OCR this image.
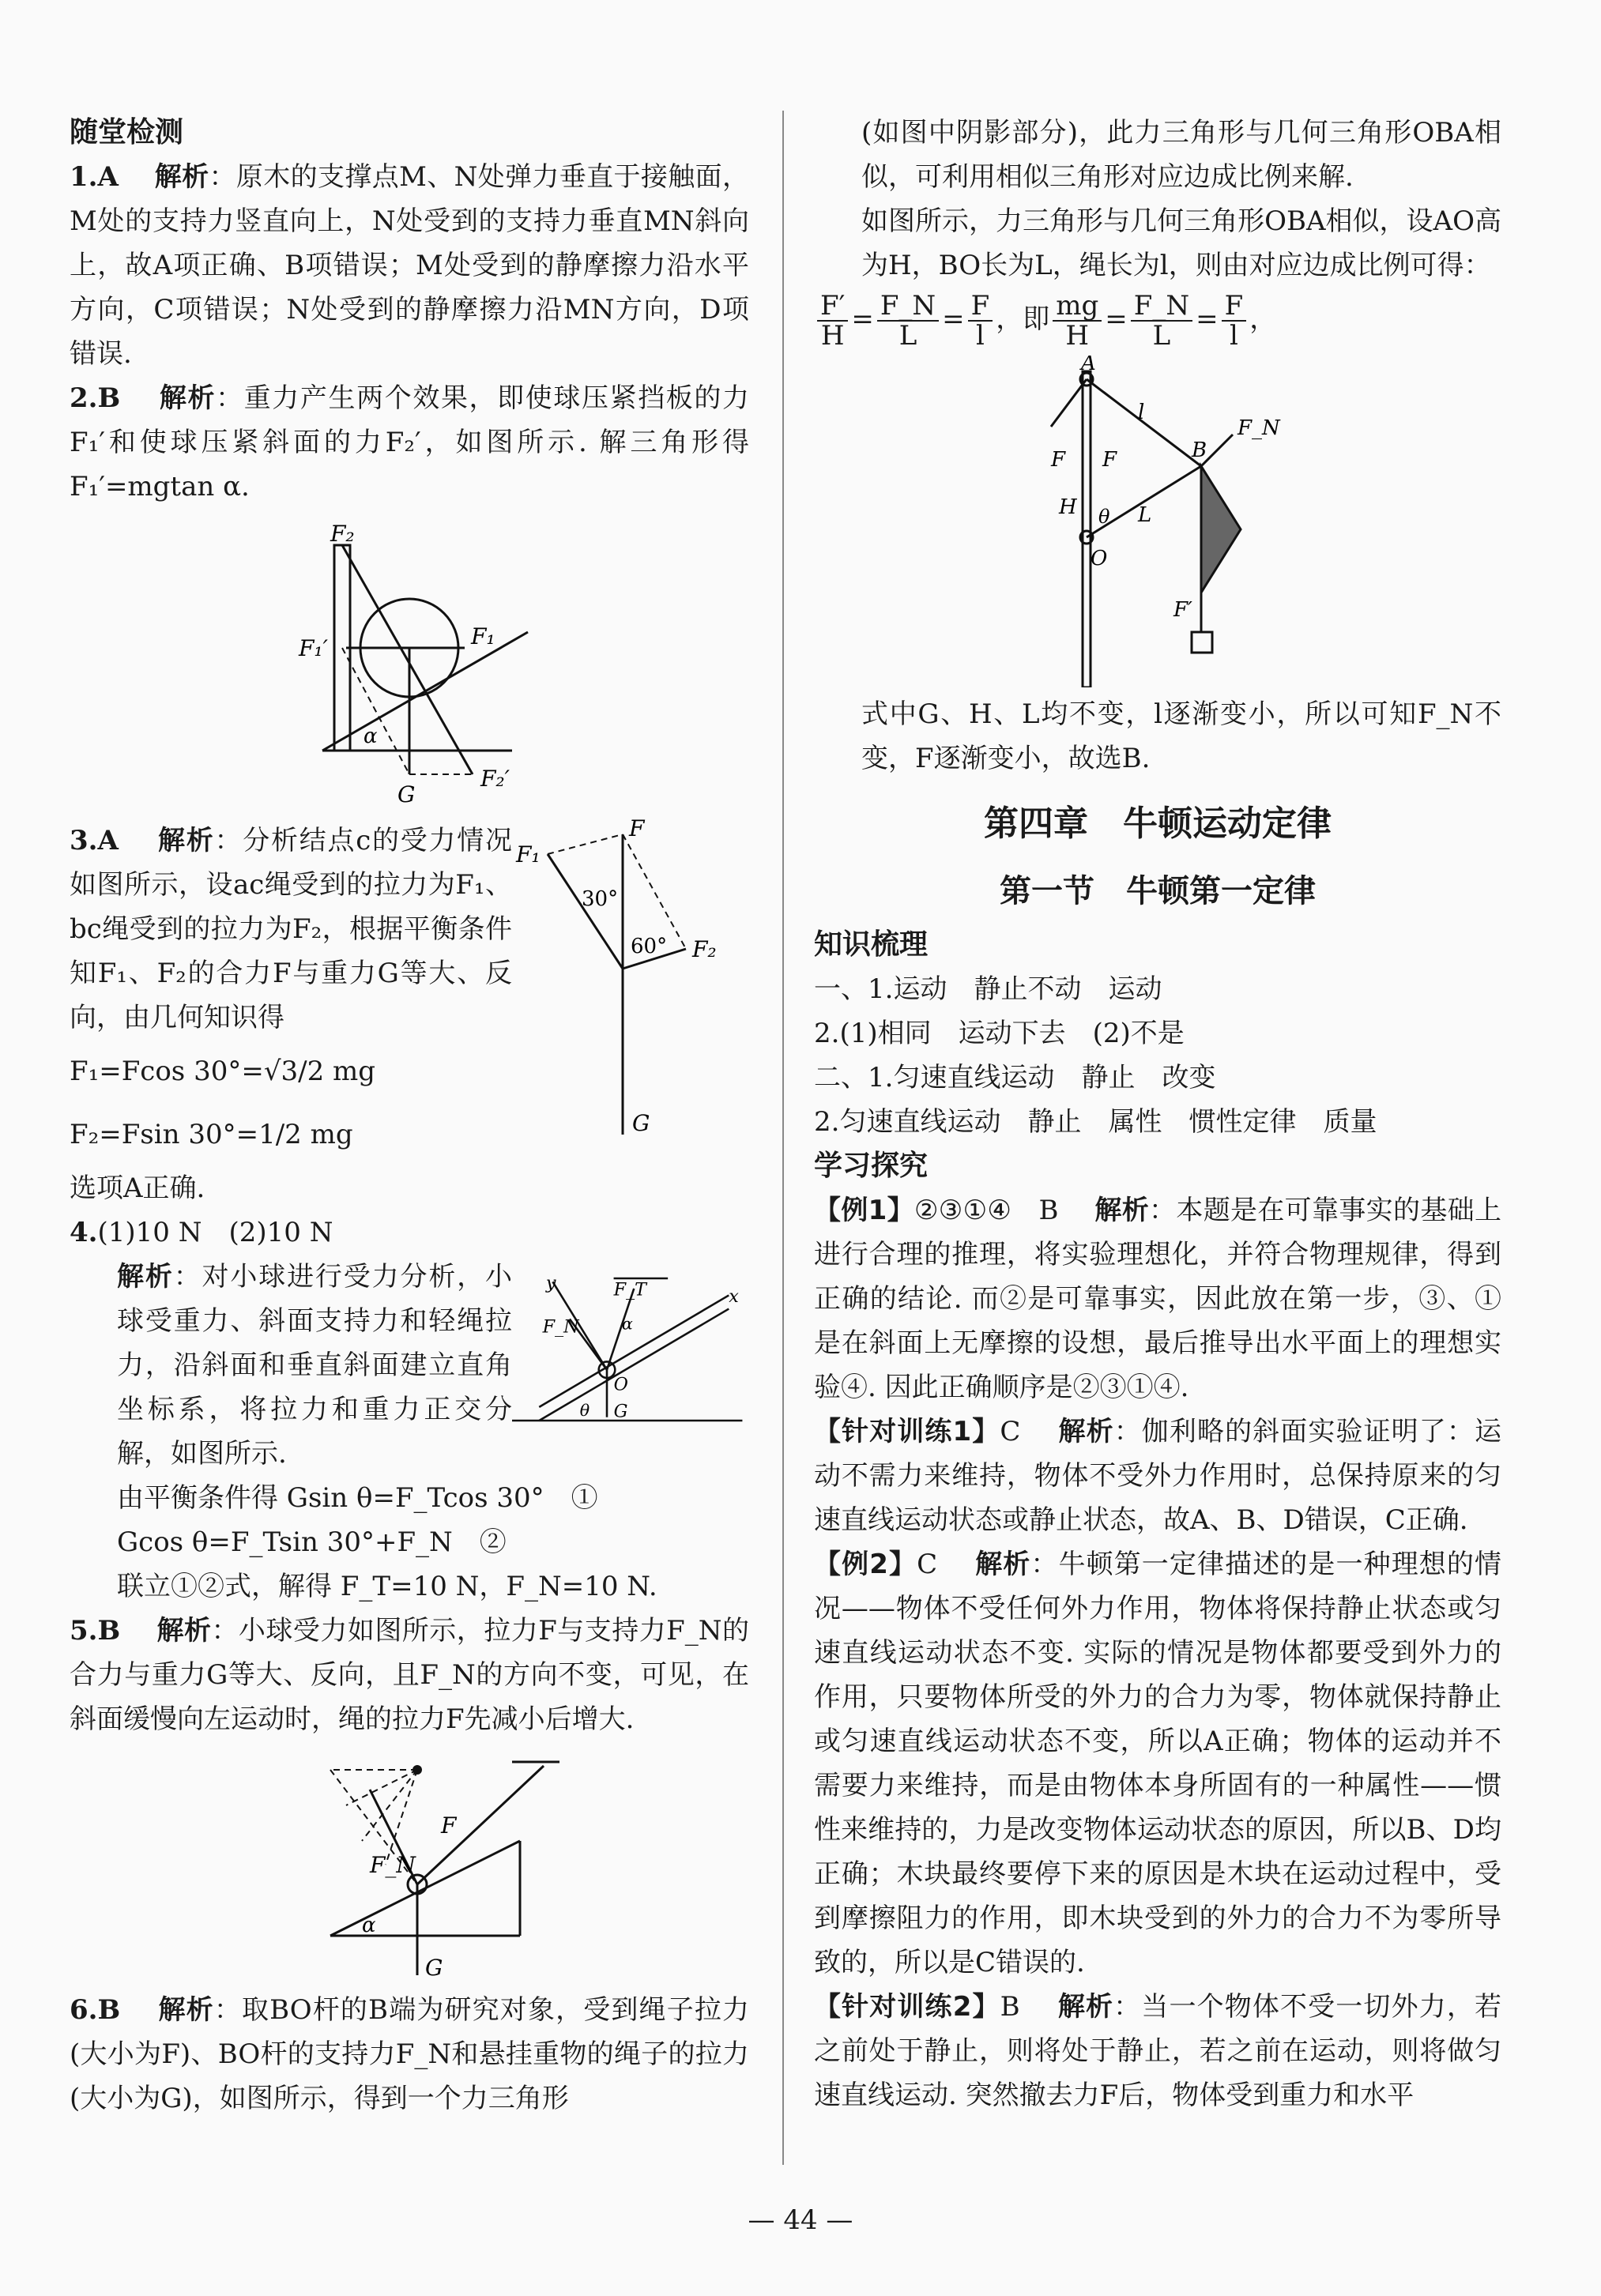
随堂检测

1.A　 解析：原木的支撑点M、N处弹力垂直于接触面，M处的支持力竖直向上，N处受到的支持力垂直MN斜向上，故A项正确、B项错误；M处受到的静摩擦力沿水平方向，C项错误；N处受到的静摩擦力沿MN方向，D项错误.

2.B　 解析：重力产生两个效果，即使球压紧挡板的力F₁′和使球压紧斜面的力F₂′，如图所示. 解三角形得F₁′=mgtan α.

F₂
F₁′	F₁
α
G
F₂′

3.A　 解析：分析结点c的受力情况如图所示，设ac绳受到的拉力为F₁、bc绳受到的拉力为F₂，根据平衡条件知F₁、F₂的合力F与重力G等大、反向，由几何知识得

F₁=Fcos 30°=√3/2 mg

F₂=Fsin 30°=1/2 mg

选项A正确.

F
F₁
30°
60° F₂
G

4.(1)10 N　(2)10 N

解析：对小球进行受力分析，小球受重力、斜面支持力和轻绳拉力，沿斜面和垂直斜面建立直角坐标系，将拉力和重力正交分解，如图所示.

y	F_T	x
F_N α
O
θ G

由平衡条件得 Gsin θ=F_Tcos 30°　①

Gcos θ=F_Tsin 30°+F_N　②

联立①②式，解得 F_T=10 N，F_N=10 N.

5.B　 解析：小球受力如图所示，拉力F与支持力F_N的合力与重力G等大、反向，且F_N的方向不变，可见，在斜面缓慢向左运动时，绳的拉力F先减小后增大.

F
F_N
α
G

6.B　 解析：取BO杆的B端为研究对象，受到绳子拉力(大小为F)、BO杆的支持力F_N和悬挂重物的绳子的拉力(大小为G)，如图所示，得到一个力三角形

(如图中阴影部分)，此力三角形与几何三角形OBA相似，可利用相似三角形对应边成比例来解.

如图所示，力三角形与几何三角形OBA相似，设AO高为H，BO长为L，绳长为l，则由对应边成比例可得：

$\frac{F'}{H} = \frac{F\_N}{L} = \frac{F}{l}$ ，即 $\frac{mg}{H} = \frac{F\_N}{L} = \frac{F}{l}$ ，

A
l
F F	B
F_N
H θ L
O
F′

式中G、H、L均不变，l逐渐变小，所以可知F_N不变，F逐渐变小，故选B.

第四章　牛顿运动定律
第一节　牛顿第一定律
知识梳理

一、1.运动　静止不动　运动

2.(1)相同　运动下去　(2)不是

二、1.匀速直线运动　静止　改变

2.匀速直线运动　静止　属性　惯性定律　质量

学习探究

【例1】②③①④　B　 解析：本题是在可靠事实的基础上进行合理的推理，将实验理想化，并符合物理规律，得到正确的结论. 而②是可靠事实，因此放在第一步，③、①是在斜面上无摩擦的设想，最后推导出水平面上的理想实验④. 因此正确顺序是②③①④.

【针对训练1】C　 解析：伽利略的斜面实验证明了：运动不需力来维持，物体不受外力作用时，总保持原来的匀速直线运动状态或静止状态，故A、B、D错误，C正确.

【例2】C　 解析：牛顿第一定律描述的是一种理想的情况——物体不受任何外力作用，物体将保持静止状态或匀速直线运动状态不变. 实际的情况是物体都要受到外力的作用，只要物体所受的外力的合力为零，物体就保持静止或匀速直线运动状态不变，所以A正确；物体的运动并不需要力来维持，而是由物体本身所固有的一种属性——惯性来维持的，力是改变物体运动状态的原因，所以B、D均正确；木块最终要停下来的原因是木块在运动过程中，受到摩擦阻力的作用，即木块受到的外力的合力不为零所导致的，所以是C错误的.

【针对训练2】B　 解析：当一个物体不受一切外力，若之前处于静止，则将处于静止，若之前在运动，则将做匀速直线运动. 突然撤去力F后，物体受到重力和水平

— 44 —
